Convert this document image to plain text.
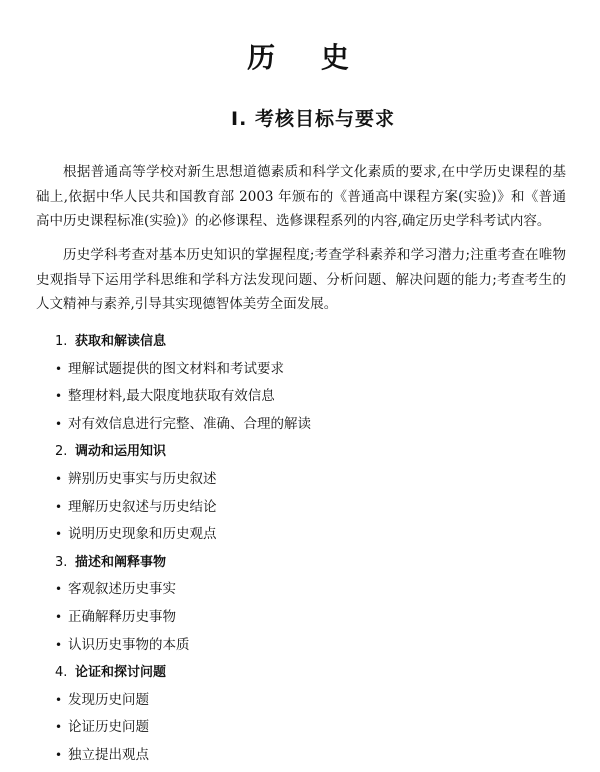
历 史
Ⅰ. 考核目标与要求
根据普通高等学校对新生思想道德素质和科学文化素质的要求,在中学历史课程的基础上,依据中华人民共和国教育部 2003 年颁布的《普通高中课程方案(实验)》和《普通高中历史课程标准(实验)》的必修课程、选修课程系列的内容,确定历史学科考试内容。
历史学科考查对基本历史知识的掌握程度;考查学科素养和学习潜力;注重考查在唯物史观指导下运用学科思维和学科方法发现问题、分析问题、解决问题的能力;考查考生的人文精神与素养,引导其实现德智体美劳全面发展。
1. 获取和解读信息
• 理解试题提供的图文材料和考试要求
• 整理材料,最大限度地获取有效信息
• 对有效信息进行完整、准确、合理的解读
2. 调动和运用知识
• 辨别历史事实与历史叙述
• 理解历史叙述与历史结论
• 说明历史现象和历史观点
3. 描述和阐释事物
• 客观叙述历史事实
• 正确解释历史事物
• 认识历史事物的本质
4. 论证和探讨问题
• 发现历史问题
• 论证历史问题
• 独立提出观点
